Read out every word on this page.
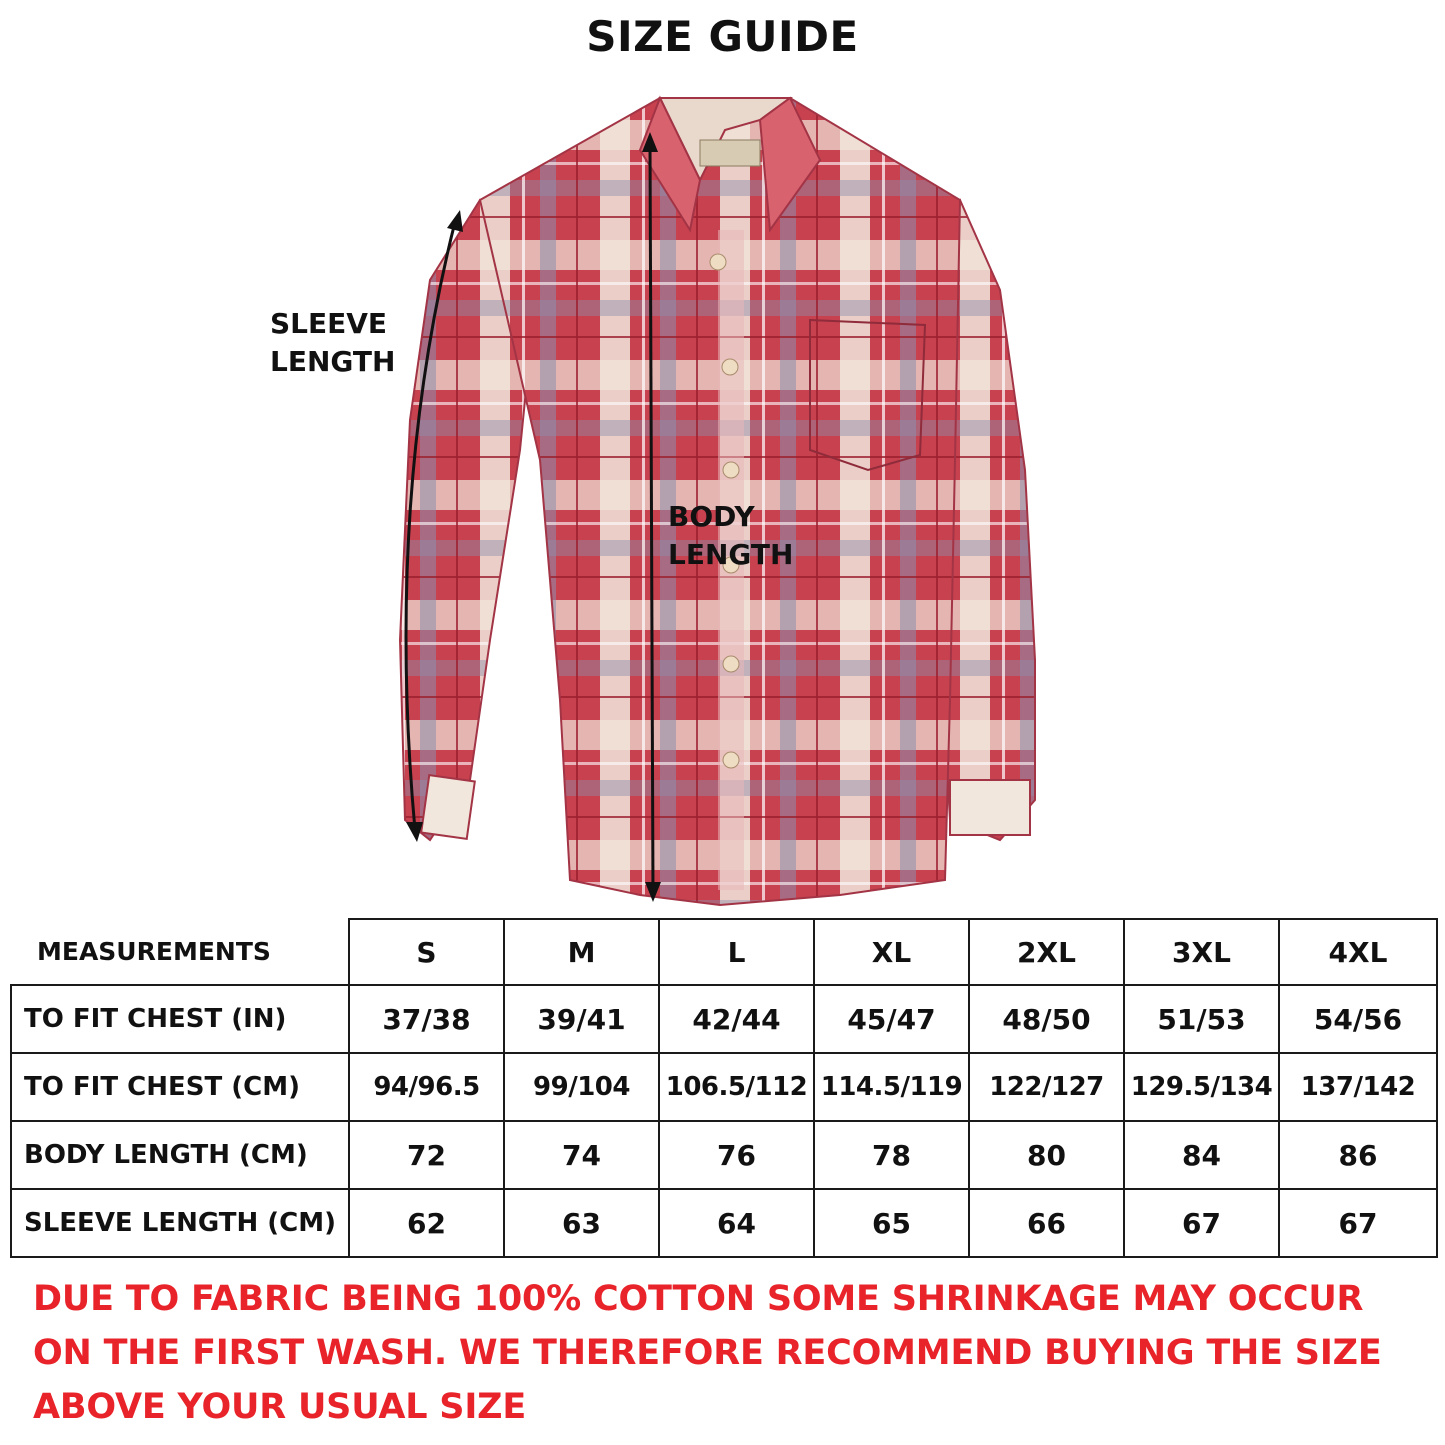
SIZE GUIDE
SLEEVE
LENGTH
BODY
LENGTH
MEASUREMENTS	S	M	L	XL	2XL	3XL	4XL
TO FIT CHEST (IN)	37/38	39/41	42/44	45/47	48/50	51/53	54/56
TO FIT CHEST (CM)	94/96.5	99/104	106.5/112	114.5/119	122/127	129.5/134	137/142
BODY LENGTH (CM)	72	74	76	78	80	84	86
SLEEVE LENGTH (CM)	62	63	64	65	66	67	67
DUE TO FABRIC BEING 100% COTTON SOME SHRINKAGE MAY OCCUR ON THE FIRST WASH. WE THEREFORE RECOMMEND BUYING THE SIZE ABOVE YOUR USUAL SIZE
